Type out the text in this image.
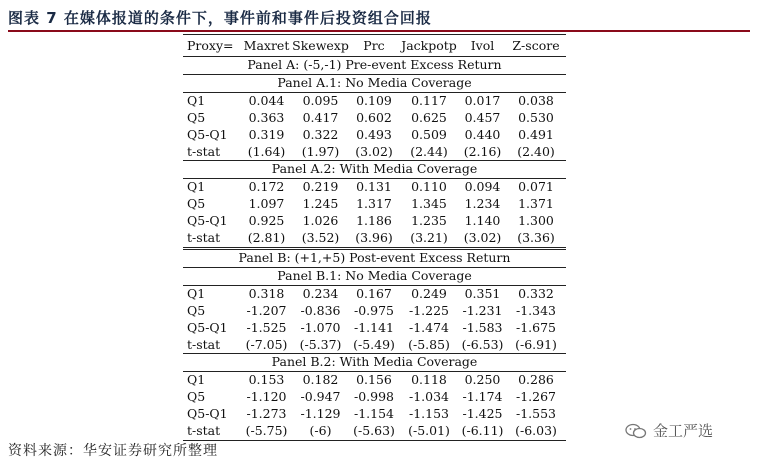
图表 7 在媒体报道的条件下，事件前和事件后投资组合回报
Proxy=	Maxret	Skewexp	Prc	Jackpotp	Ivol	Z-score
Panel A: (-5,-1) Pre-event Excess Return						
Panel A.1: No Media Coverage						
Q1	0.044	0.095	0.109	0.117	0.017	0.038
Q5	0.363	0.417	0.602	0.625	0.457	0.530
Q5-Q1	0.319	0.322	0.493	0.509	0.440	0.491
t-stat	(1.64)	(1.97)	(3.02)	(2.44)	(2.16)	(2.40)
Panel A.2: With Media Coverage						
Q1	0.172	0.219	0.131	0.110	0.094	0.071
Q5	1.097	1.245	1.317	1.345	1.234	1.371
Q5-Q1	0.925	1.026	1.186	1.235	1.140	1.300
t-stat	(2.81)	(3.52)	(3.96)	(3.21)	(3.02)	(3.36)
Panel B: (+1,+5) Post-event Excess Return						
Panel B.1: No Media Coverage						
Q1	0.318	0.234	0.167	0.249	0.351	0.332
Q5	-1.207	-0.836	-0.975	-1.225	-1.231	-1.343
Q5-Q1	-1.525	-1.070	-1.141	-1.474	-1.583	-1.675
t-stat	(-7.05)	(-5.37)	(-5.49)	(-5.85)	(-6.53)	(-6.91)
Panel B.2: With Media Coverage						
Q1	0.153	0.182	0.156	0.118	0.250	0.286
Q5	-1.120	-0.947	-0.998	-1.034	-1.174	-1.267
Q5-Q1	-1.273	-1.129	-1.154	-1.153	-1.425	-1.553
t-stat	(-5.75)	(-6)	(-5.63)	(-5.01)	(-6.11)	(-6.03)
资料来源：华安证券研究所整理
金工严选
